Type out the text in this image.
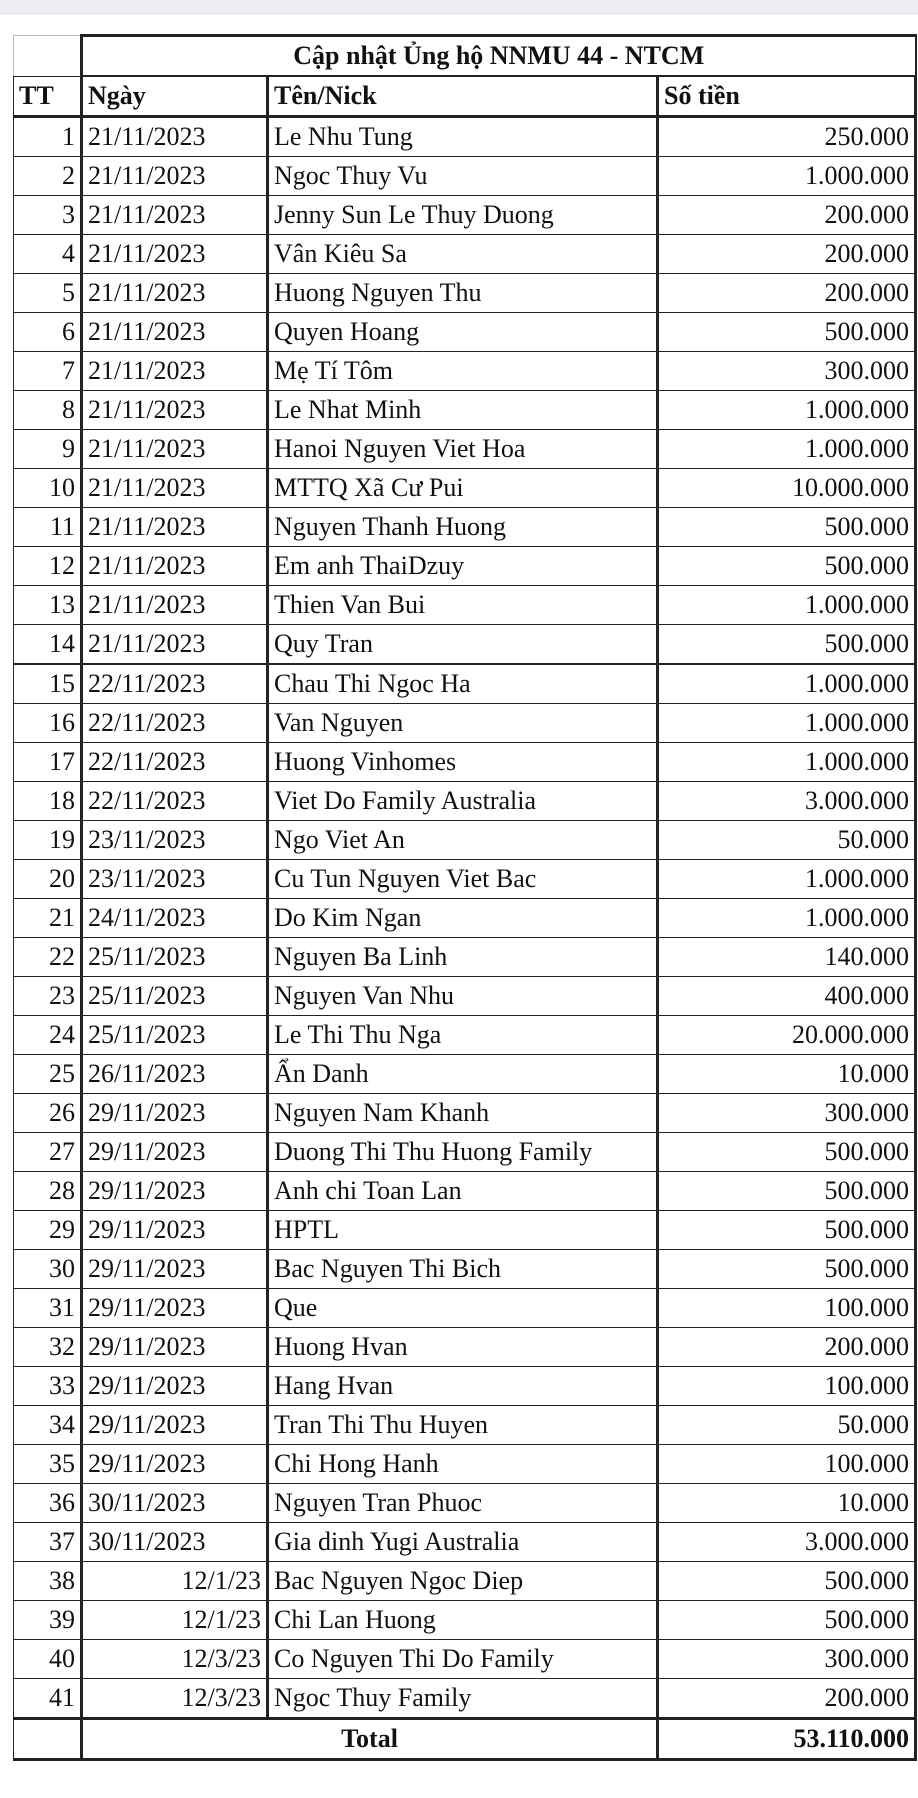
	Cập nhật Ủng hộ NNMU 44 - NTCM		
TT	Ngày	Tên/Nick	Số tiền
1	21/11/2023	Le Nhu Tung	250.000
2	21/11/2023	Ngoc Thuy Vu	1.000.000
3	21/11/2023	Jenny Sun Le Thuy Duong	200.000
4	21/11/2023	Vân Kiêu Sa	200.000
5	21/11/2023	Huong Nguyen Thu	200.000
6	21/11/2023	Quyen Hoang	500.000
7	21/11/2023	Mẹ Tí Tôm	300.000
8	21/11/2023	Le Nhat Minh	1.000.000
9	21/11/2023	Hanoi Nguyen Viet Hoa	1.000.000
10	21/11/2023	MTTQ Xã Cư Pui	10.000.000
11	21/11/2023	Nguyen Thanh Huong	500.000
12	21/11/2023	Em anh ThaiDzuy	500.000
13	21/11/2023	Thien Van Bui	1.000.000
14	21/11/2023	Quy Tran	500.000
15	22/11/2023	Chau Thi Ngoc Ha	1.000.000
16	22/11/2023	Van Nguyen	1.000.000
17	22/11/2023	Huong Vinhomes	1.000.000
18	22/11/2023	Viet Do Family Australia	3.000.000
19	23/11/2023	Ngo Viet An	50.000
20	23/11/2023	Cu Tun Nguyen Viet Bac	1.000.000
21	24/11/2023	Do Kim Ngan	1.000.000
22	25/11/2023	Nguyen Ba Linh	140.000
23	25/11/2023	Nguyen Van Nhu	400.000
24	25/11/2023	Le Thi Thu Nga	20.000.000
25	26/11/2023	Ẩn Danh	10.000
26	29/11/2023	Nguyen Nam Khanh	300.000
27	29/11/2023	Duong Thi Thu Huong Family	500.000
28	29/11/2023	Anh chi Toan Lan	500.000
29	29/11/2023	HPTL	500.000
30	29/11/2023	Bac Nguyen Thi Bich	500.000
31	29/11/2023	Que	100.000
32	29/11/2023	Huong Hvan	200.000
33	29/11/2023	Hang Hvan	100.000
34	29/11/2023	Tran Thi Thu Huyen	50.000
35	29/11/2023	Chi Hong Hanh	100.000
36	30/11/2023	Nguyen Tran Phuoc	10.000
37	30/11/2023	Gia dinh Yugi Australia	3.000.000
38	12/1/23	Bac Nguyen Ngoc Diep	500.000
39	12/1/23	Chi Lan Huong	500.000
40	12/3/23	Co Nguyen Thi Do Family	300.000
41	12/3/23	Ngoc Thuy Family	200.000
	Total		53.110.000
